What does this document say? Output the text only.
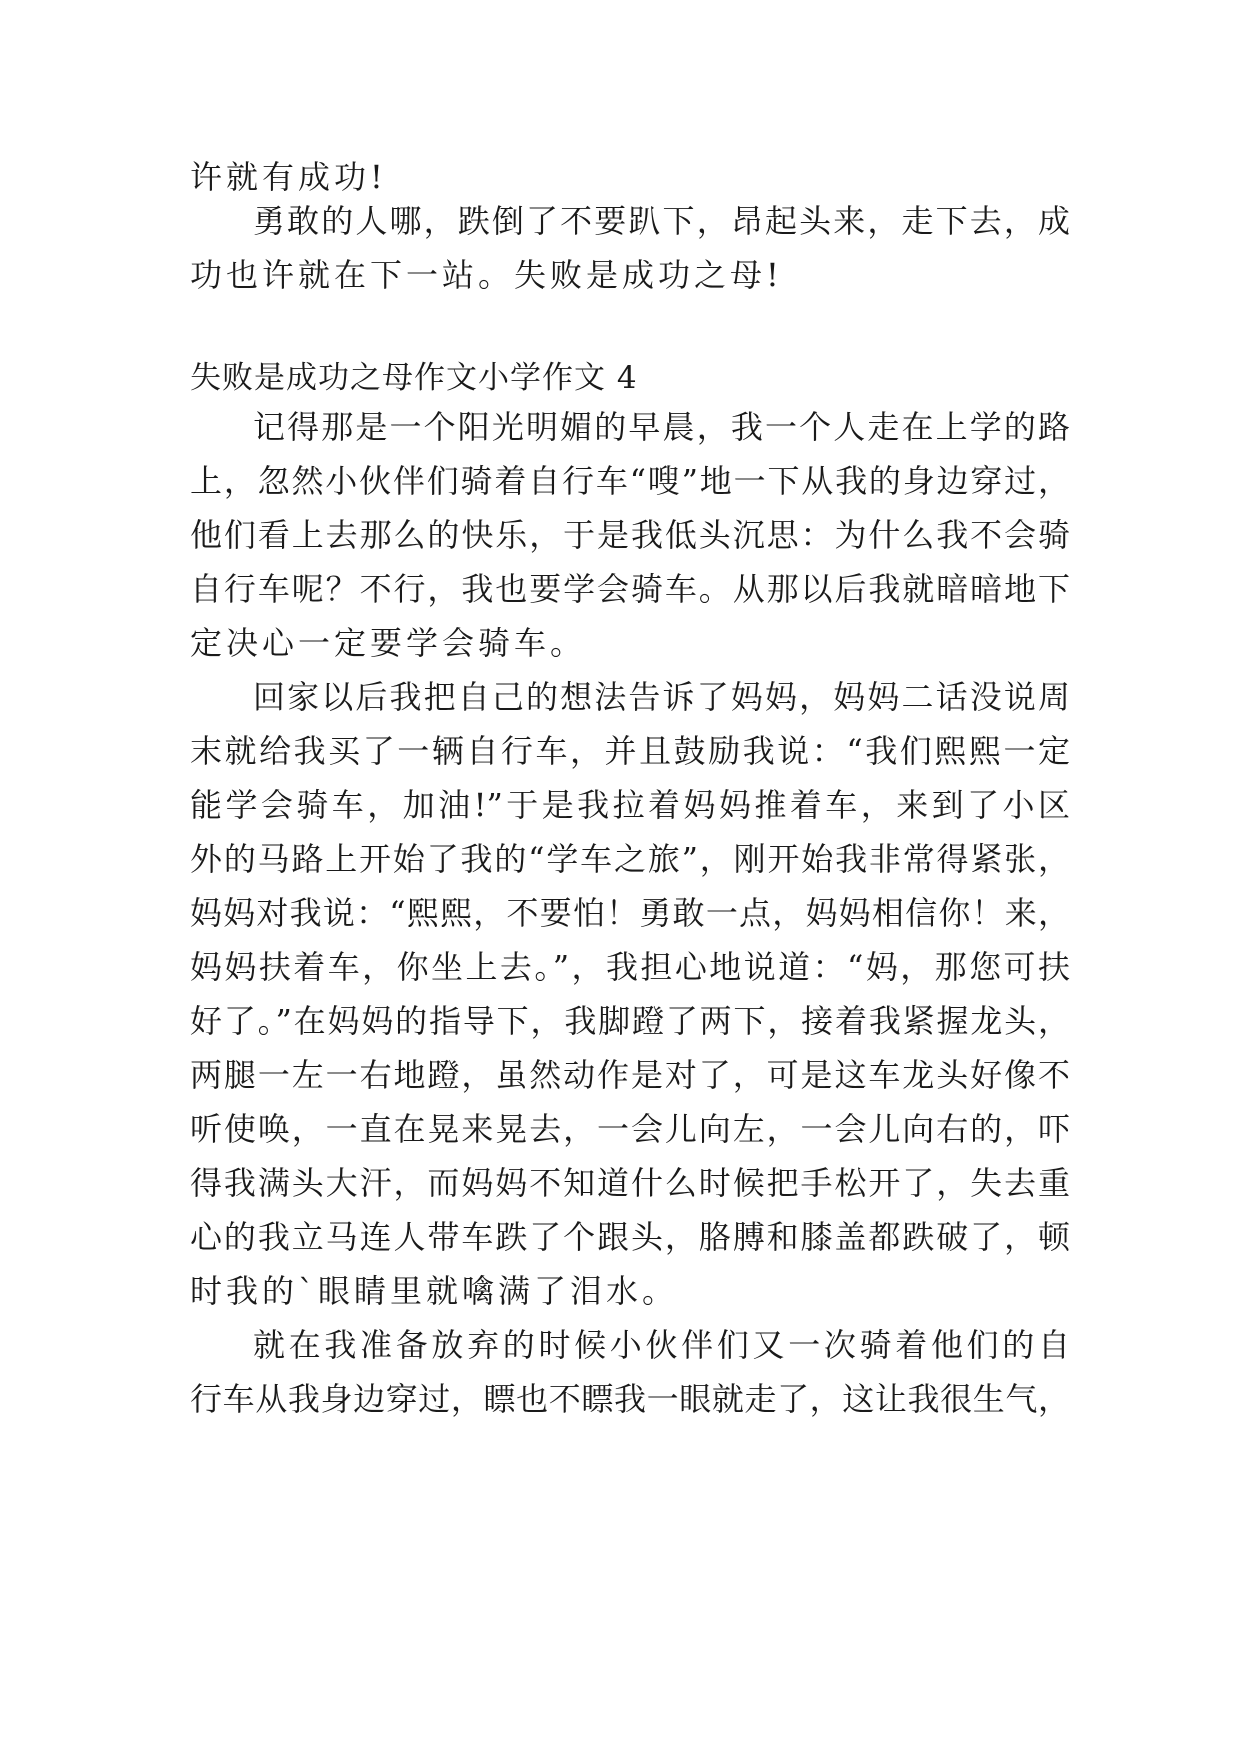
许就有成功!
勇敢的人哪，跌倒了不要趴下，昂起头来，走下去，成
功也许就在下一站。失败是成功之母!
失败是成功之母作文小学作文 4
记得那是一个阳光明媚的早晨，我一个人走在上学的路
上，忽然小伙伴们骑着自行车“嗖”地一下从我的身边穿过，
他们看上去那么的快乐，于是我低头沉思：为什么我不会骑
自行车呢？不行，我也要学会骑车。从那以后我就暗暗地下
定决心一定要学会骑车。
回家以后我把自己的想法告诉了妈妈，妈妈二话没说周
末就给我买了一辆自行车，并且鼓励我说：“我们熙熙一定
能学会骑车，加油!”于是我拉着妈妈推着车，来到了小区
外的马路上开始了我的“学车之旅”，刚开始我非常得紧张，
妈妈对我说：“熙熙，不要怕！勇敢一点，妈妈相信你！来，
妈妈扶着车，你坐上去。”，我担心地说道：“妈，那您可扶
好了。”在妈妈的指导下，我脚蹬了两下，接着我紧握龙头，
两腿一左一右地蹬，虽然动作是对了，可是这车龙头好像不
听使唤，一直在晃来晃去，一会儿向左，一会儿向右的，吓
得我满头大汗，而妈妈不知道什么时候把手松开了，失去重
心的我立马连人带车跌了个跟头，胳膊和膝盖都跌破了，顿
时我的`眼睛里就噙满了泪水。
就在我准备放弃的时候小伙伴们又一次骑着他们的自
行车从我身边穿过，瞟也不瞟我一眼就走了，这让我很生气，
